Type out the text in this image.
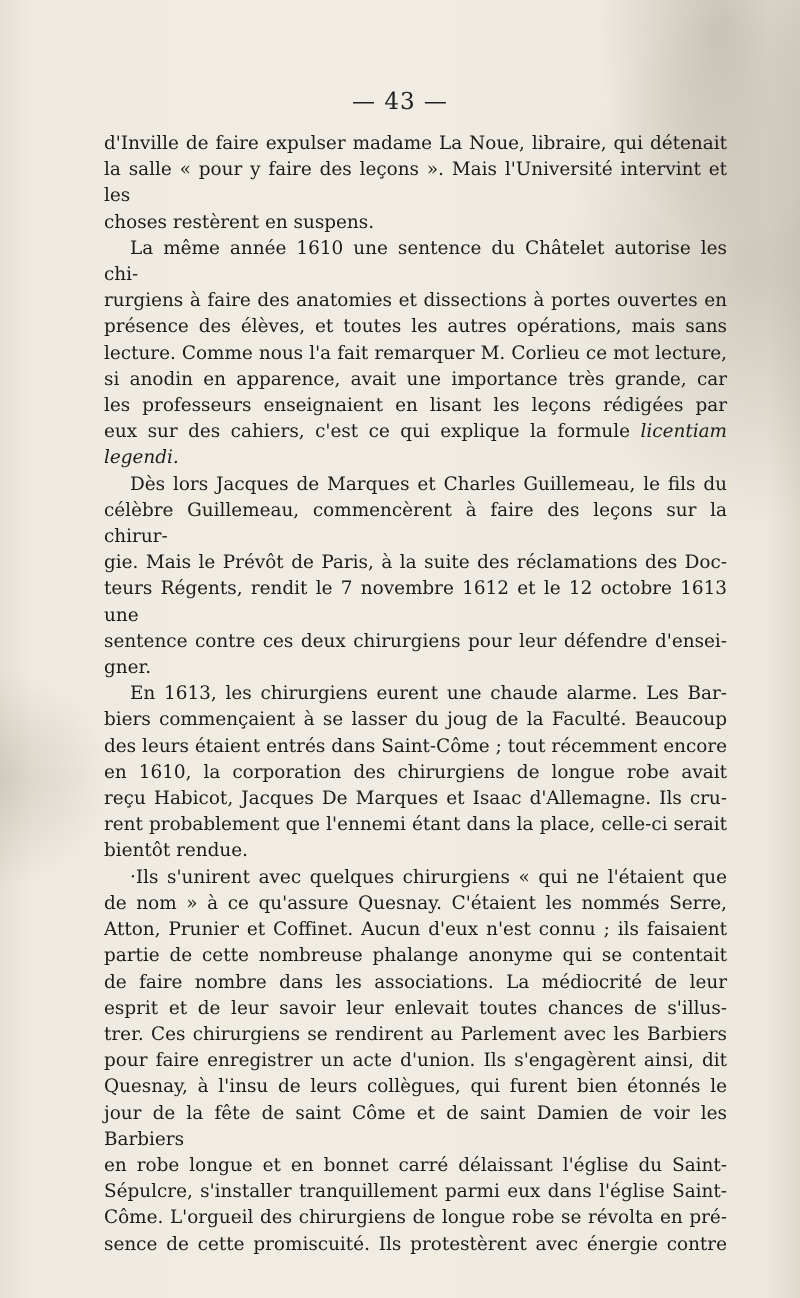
— 43 —

d'Inville de faire expulser madame La Noue, libraire, qui détenait

la salle « pour y faire des leçons ». Mais l'Université intervint et les

choses restèrent en suspens.

La même année 1610 une sentence du Châtelet autorise les chi-

rurgiens à faire des anatomies et dissections à portes ouvertes en

présence des élèves, et toutes les autres opérations, mais sans

lecture. Comme nous l'a fait remarquer M. Corlieu ce mot lecture,

si anodin en apparence, avait une importance très grande, car

les professeurs enseignaient en lisant les leçons rédigées par

eux sur des cahiers, c'est ce qui explique la formule licentiam

legendi.

Dès lors Jacques de Marques et Charles Guillemeau, le fils du

célèbre Guillemeau, commencèrent à faire des leçons sur la chirur-

gie. Mais le Prévôt de Paris, à la suite des réclamations des Doc-

teurs Régents, rendit le 7 novembre 1612 et le 12 octobre 1613 une

sentence contre ces deux chirurgiens pour leur défendre d'ensei-

gner.

En 1613, les chirurgiens eurent une chaude alarme. Les Bar-

biers commençaient à se lasser du joug de la Faculté. Beaucoup

des leurs étaient entrés dans Saint-Côme ; tout récemment encore

en 1610, la corporation des chirurgiens de longue robe avait

reçu Habicot, Jacques De Marques et Isaac d'Allemagne. Ils cru-

rent probablement que l'ennemi étant dans la place, celle-ci serait

bientôt rendue.

·Ils s'unirent avec quelques chirurgiens « qui ne l'étaient que

de nom » à ce qu'assure Quesnay. C'étaient les nommés Serre,

Atton, Prunier et Coffinet. Aucun d'eux n'est connu ; ils faisaient

partie de cette nombreuse phalange anonyme qui se contentait

de faire nombre dans les associations. La médiocrité de leur

esprit et de leur savoir leur enlevait toutes chances de s'illus-

trer. Ces chirurgiens se rendirent au Parlement avec les Barbiers

pour faire enregistrer un acte d'union. Ils s'engagèrent ainsi, dit

Quesnay, à l'insu de leurs collègues, qui furent bien étonnés le

jour de la fête de saint Côme et de saint Damien de voir les Barbiers

en robe longue et en bonnet carré délaissant l'église du Saint-

Sépulcre, s'installer tranquillement parmi eux dans l'église Saint-

Côme. L'orgueil des chirurgiens de longue robe se révolta en pré-

sence de cette promiscuité. Ils protestèrent avec énergie contre
